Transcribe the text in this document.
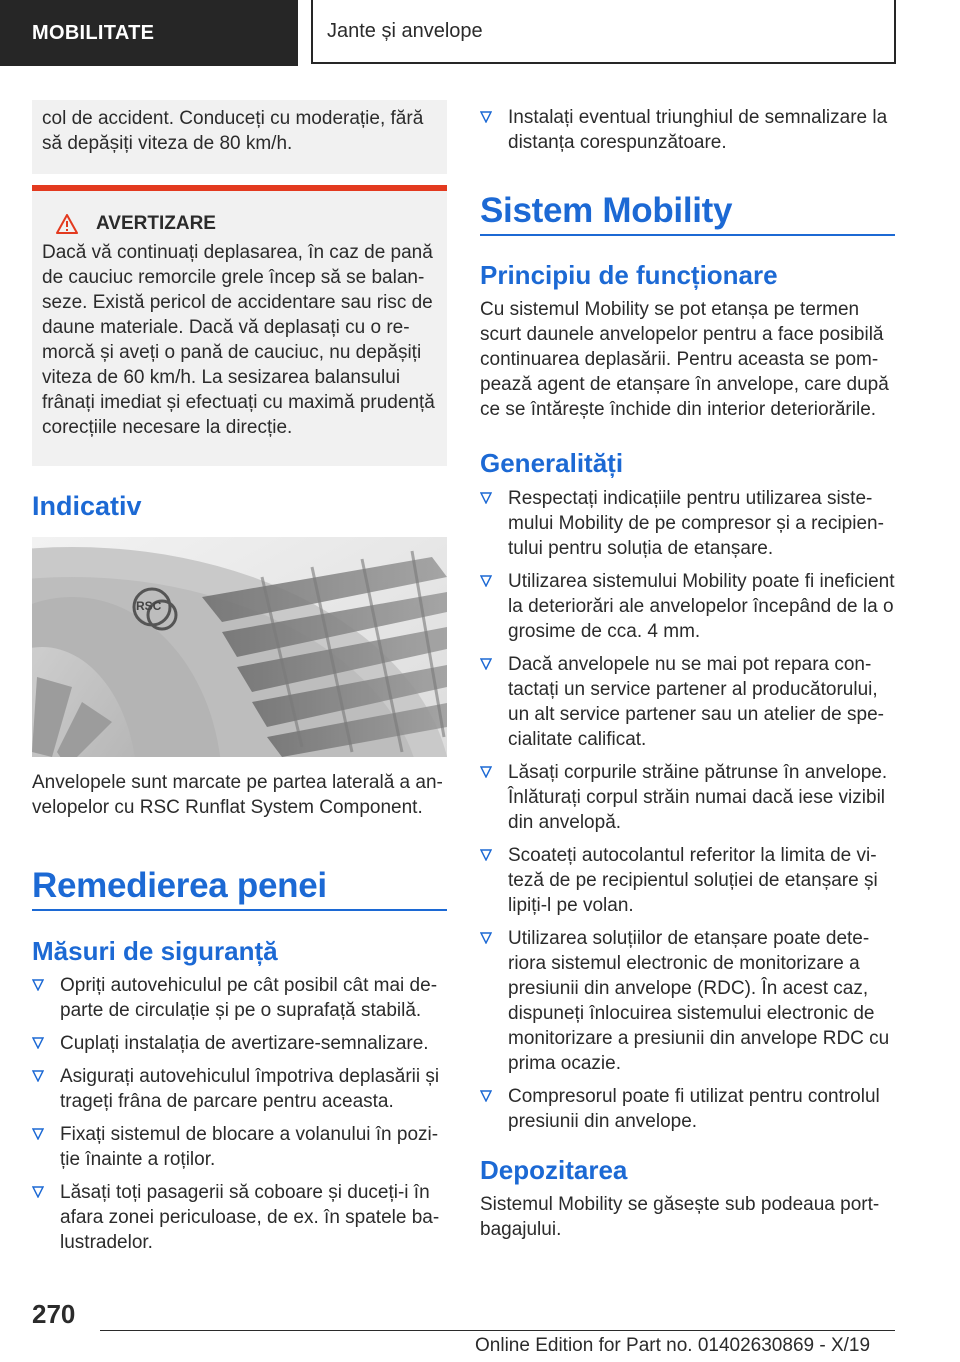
MOBILITATE	Jante și anvelope

col de accident. Conduceți cu moderație, fără să depășiți viteza de 80 km/h.

AVERTIZARE

Dacă vă continuați deplasarea, în caz de pană de cauciuc remorcile grele încep să se balanseze. Există pericol de accidentare sau risc de daune materiale. Dacă vă deplasați cu o remorcă și aveți o pană de cauciuc, nu depășiți viteza de 60 km/h. La sesizarea balansului frânați imediat și efectuați cu maximă prudență corecțiile necesare la direcție.

Indicativ
RSC

Anvelopele sunt marcate pe partea laterală a anvelopelor cu RSC Runflat System Component.

Remedierea penei
Măsuri de siguranță
Opriți autovehiculul pe cât posibil cât mai departe de circulație și pe o suprafață stabilă.
Cuplați instalația de avertizare-semnalizare.
Asigurați autovehiculul împotriva deplasării și trageți frâna de parcare pentru aceasta.
Fixați sistemul de blocare a volanului în poziție înainte a roților.
Lăsați toți pasagerii să coboare și duceți-i în afara zonei periculoase, de ex. în spatele balustradelor.
Instalați eventual triunghiul de semnalizare la distanța corespunzătoare.
Sistem Mobility
Principiu de funcționare

Cu sistemul Mobility se pot etanșa pe termen scurt daunele anvelopelor pentru a face posibilă continuarea deplasării. Pentru aceasta se pompează agent de etanșare în anvelope, care după ce se întărește închide din interior deteriorările.

Generalități
Respectați indicațiile pentru utilizarea sistemului Mobility de pe compresor și a recipientului pentru soluția de etanșare.
Utilizarea sistemului Mobility poate fi ineficient la deteriorări ale anvelopelor începând de la o grosime de cca. 4 mm.
Dacă anvelopele nu se mai pot repara contactați un service partener al producătorului, un alt service partener sau un atelier de specialitate calificat.
Lăsați corpurile străine pătrunse în anvelope. Înlăturați corpul străin numai dacă iese vizibil din anvelopă.
Scoateți autocolantul referitor la limita de viteză de pe recipientul soluției de etanșare și lipiți-l pe volan.
Utilizarea soluțiilor de etanșare poate deteriora sistemul electronic de monitorizare a presiunii din anvelope (RDC). În acest caz, dispuneți înlocuirea sistemului electronic de monitorizare a presiunii din anvelope RDC cu prima ocazie.
Compresorul poate fi utilizat pentru controlul presiunii din anvelope.
Depozitarea

Sistemul Mobility se găsește sub podeaua portbagajului.

270
Online Edition for Part no. 01402630869 - X/19
